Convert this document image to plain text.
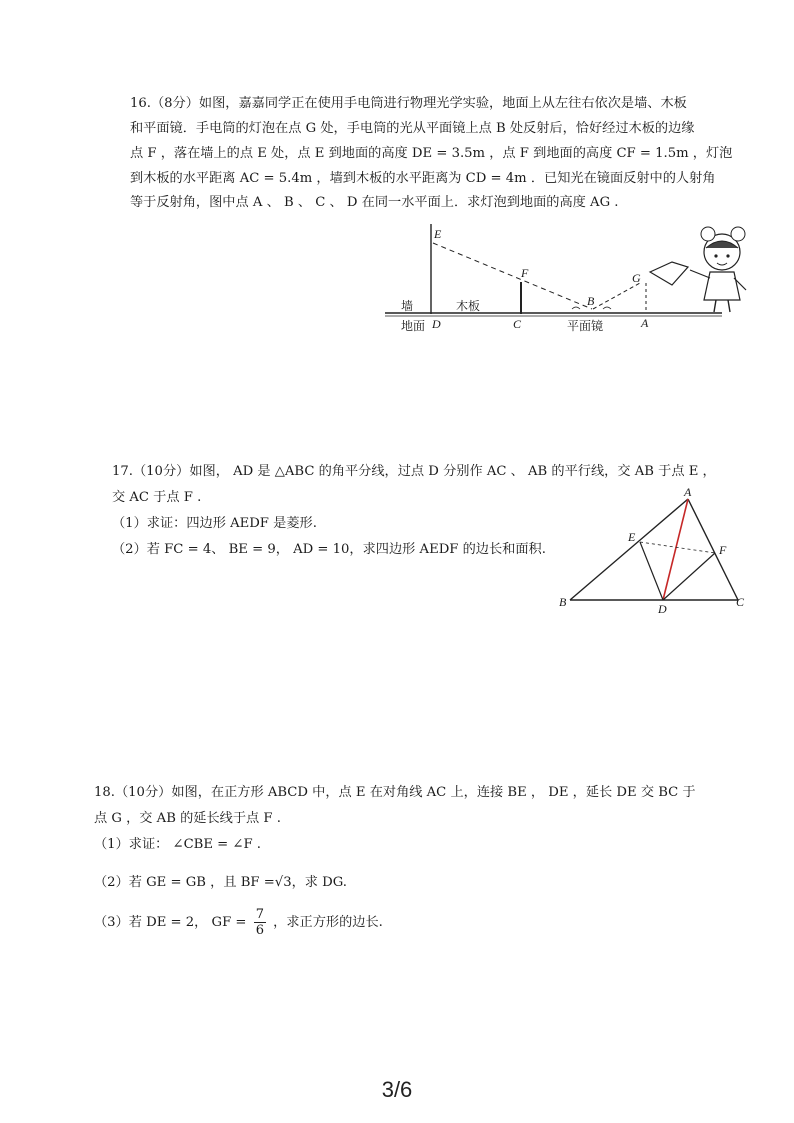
16.（8分）如图，嘉嘉同学正在使用手电筒进行物理光学实验，地面上从左往右依次是墙、木板
和平面镜．手电筒的灯泡在点 G 处，手电筒的光从平面镜上点 B 处反射后，恰好经过木板的边缘
点 F ，落在墙上的点 E 处，点 E 到地面的高度 DE = 3.5m ，点 F 到地面的高度 CF = 1.5m ，灯泡
到木板的水平距离 AC = 5.4m ，墙到木板的水平距离为 CD = 4m ．已知光在镜面反射中的人射角
等于反射角，图中点 A 、 B 、 C 、 D 在同一水平面上．求灯泡到地面的高度 AG .
E
F	G
B
D	C	A
墙	木板
地面	平面镜
17.（10分）如图， AD 是 △ABC 的角平分线，过点 D 分别作 AC 、 AB 的平行线，交 AB 于点 E ，
交 AC 于点 F .
（1）求证：四边形 AEDF 是菱形.
（2）若 FC = 4、 BE = 9， AD = 10，求四边形 AEDF 的边长和面积.
A
B	C
D
E
F
18.（10分）如图，在正方形 ABCD 中，点 E 在对角线 AC 上，连接 BE ， DE ，延长 DE 交 BC 于
点 G ，交 AB 的延长线于点 F .
（1）求证： ∠CBE = ∠F .
（2）若 GE = GB ，且 BF =√3，求 DG.
（3）若 DE = 2， GF = $\frac{7}{6}$ ，求正方形的边长.
3/6
